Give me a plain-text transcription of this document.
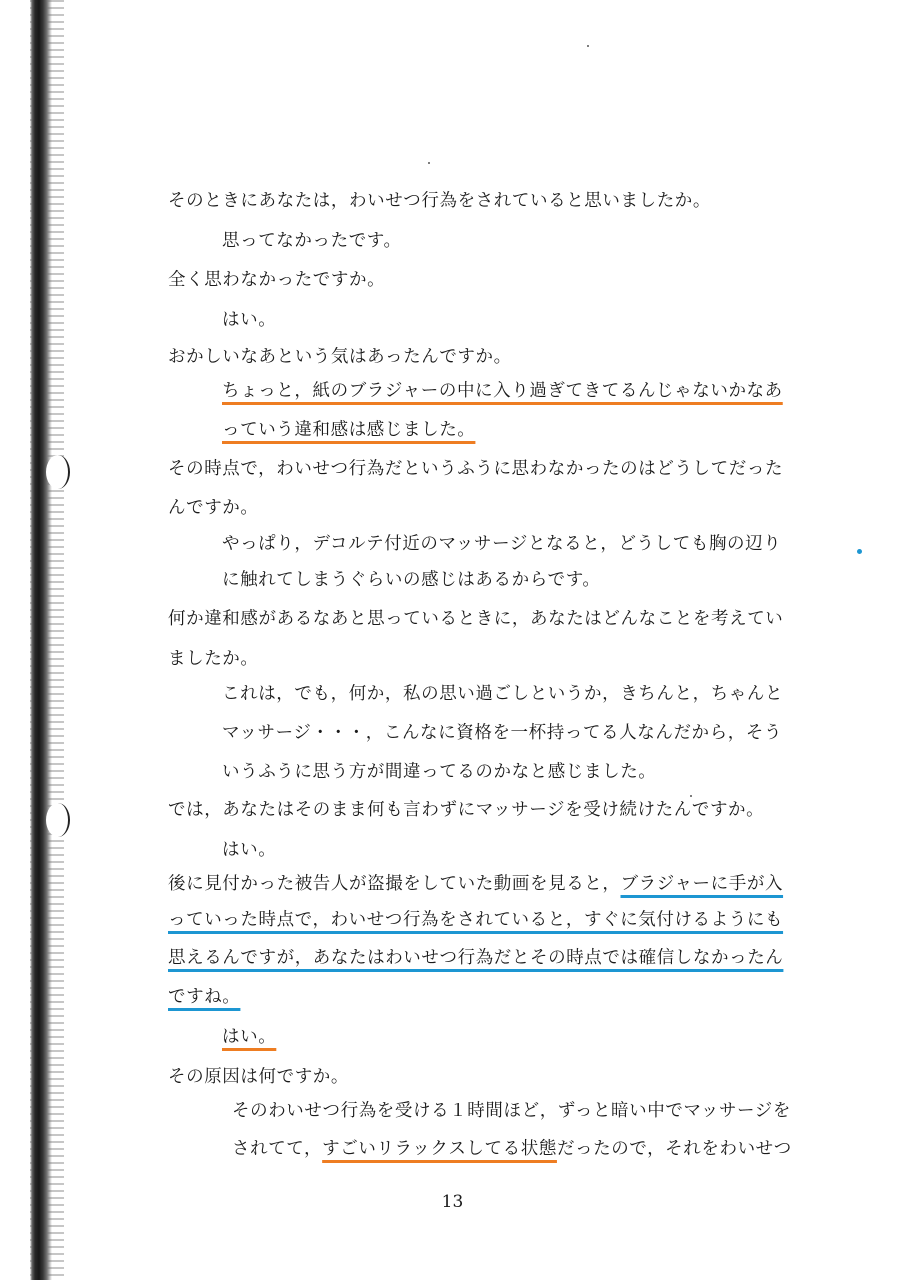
そのときにあなたは，わいせつ行為をされていると思いましたか。
思ってなかったです。
全く思わなかったですか。
はい。
おかしいなあという気はあったんですか。
ちょっと，紙のブラジャーの中に入り過ぎてきてるんじゃないかなあ
っていう違和感は感じました。
その時点で，わいせつ行為だというふうに思わなかったのはどうしてだった
んですか。
やっぱり，デコルテ付近のマッサージとなると，どうしても胸の辺り
に触れてしまうぐらいの感じはあるからです。
何か違和感があるなあと思っているときに，あなたはどんなことを考えてい
ましたか。
これは，でも，何か，私の思い過ごしというか，きちんと，ちゃんと
マッサージ・・・，こんなに資格を一杯持ってる人なんだから，そう
いうふうに思う方が間違ってるのかなと感じました。
では，あなたはそのまま何も言わずにマッサージを受け続けたんですか。
はい。
後に見付かった被告人が盗撮をしていた動画を見ると，ブラジャーに手が入
っていった時点で，わいせつ行為をされていると，すぐに気付けるようにも
思えるんですが，あなたはわいせつ行為だとその時点では確信しなかったん
ですね。
はい。
その原因は何ですか。
そのわいせつ行為を受ける１時間ほど，ずっと暗い中でマッサージを
されてて，すごいリラックスしてる状態だったので，それをわいせつ
13
